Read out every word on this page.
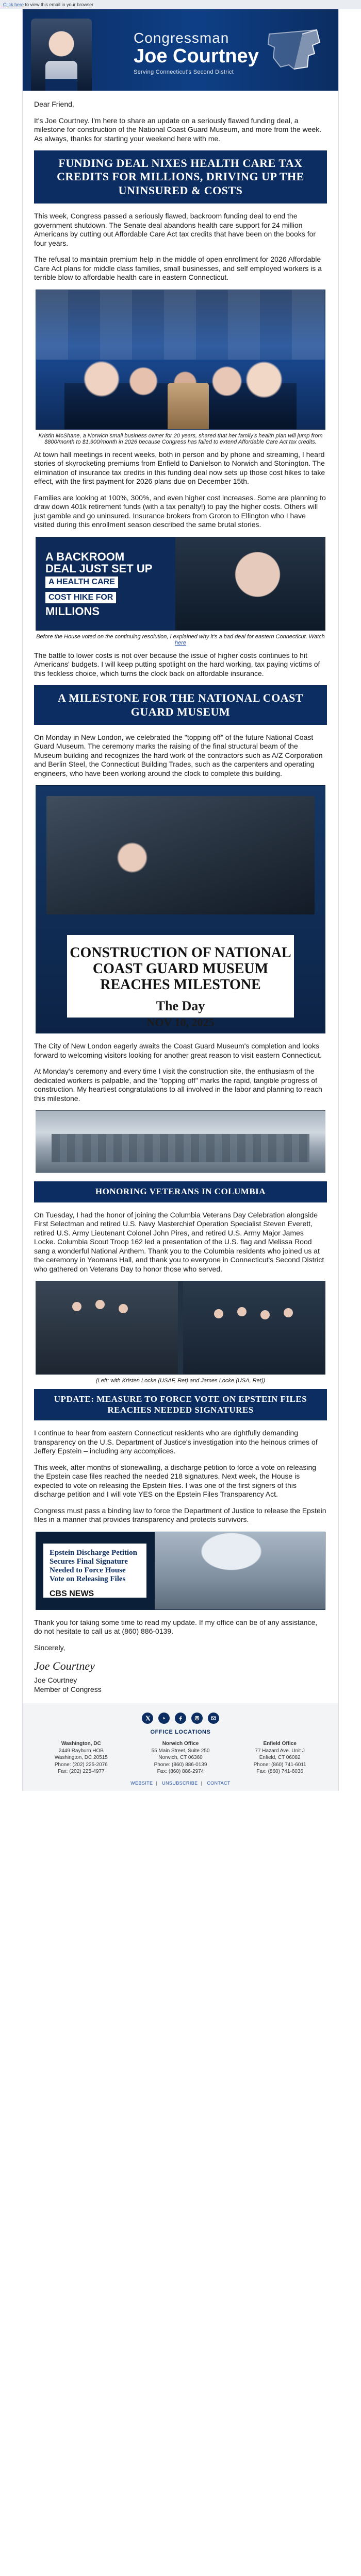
Click here to view this email in your browser
Congressman
Joe Courtney
Serving Connecticut's Second District
Dear Friend,
It's Joe Courtney. I'm here to share an update on a seriously flawed funding deal, a milestone for construction of the National Coast Guard Museum, and more from the week. As always, thanks for starting your weekend here with me.
FUNDING DEAL NIXES HEALTH CARE TAX CREDITS FOR MILLIONS, DRIVING UP THE UNINSURED & COSTS
This week, Congress passed a seriously flawed, backroom funding deal to end the government shutdown. The Senate deal abandons health care support for 24 million Americans by cutting out Affordable Care Act tax credits that have been on the books for four years.
The refusal to maintain premium help in the middle of open enrollment for 2026 Affordable Care Act plans for middle class families, small businesses, and self employed workers is a terrible blow to affordable health care in eastern Connecticut.
Kristin McShane, a Norwich small business owner for 20 years, shared that her family's health plan will jump from $800/month to $1,900/month in 2026 because Congress has failed to extend Affordable Care Act tax credits.
At town hall meetings in recent weeks, both in person and by phone and streaming, I heard stories of skyrocketing premiums from Enfield to Danielson to Norwich and Stonington. The elimination of insurance tax credits in this funding deal now sets up those cost hikes to take effect, with the first payment for 2026 plans due on December 15th.
Families are looking at 100%, 300%, and even higher cost increases. Some are planning to draw down 401k retirement funds (with a tax penalty!) to pay the higher costs. Others will just gamble and go uninsured. Insurance brokers from Groton to Ellington who I have visited during this enrollment season described the same brutal stories.
A BACKROOM
DEAL JUST SET UP
A HEALTH CARE
COST HIKE FOR
MILLIONS
Before the House voted on the continuing resolution, I explained why it's a bad deal for eastern Connecticut. Watch here
The battle to lower costs is not over because the issue of higher costs continues to hit Americans' budgets. I will keep putting spotlight on the hard working, tax paying victims of this feckless choice, which turns the clock back on affordable insurance.
A MILESTONE FOR THE NATIONAL COAST GUARD MUSEUM
On Monday in New London, we celebrated the "topping off" of the future National Coast Guard Museum. The ceremony marks the raising of the final structural beam of the Museum building and recognizes the hard work of the contractors such as A/Z Corporation and Berlin Steel, the Connecticut Building Trades, such as the carpenters and operating engineers, who have been working around the clock to complete this building.
CONSTRUCTION OF NATIONAL COAST GUARD MUSEUM REACHES MILESTONE
The Day
NOV 10, 2025
The City of New London eagerly awaits the Coast Guard Museum's completion and looks forward to welcoming visitors looking for another great reason to visit eastern Connecticut.
At Monday's ceremony and every time I visit the construction site, the enthusiasm of the dedicated workers is palpable, and the "topping off" marks the rapid, tangible progress of construction. My heartiest congratulations to all involved in the labor and planning to reach this milestone.
HONORING VETERANS IN COLUMBIA
On Tuesday, I had the honor of joining the Columbia Veterans Day Celebration alongside First Selectman and retired U.S. Navy Masterchief Operation Specialist Steven Everett, retired U.S. Army Lieutenant Colonel John Pires, and retired U.S. Army Major James Locke. Columbia Scout Troop 162 led a presentation of the U.S. flag and Melissa Rood sang a wonderful National Anthem. Thank you to the Columbia residents who joined us at the ceremony in Yeomans Hall, and thank you to everyone in Connecticut's Second District who gathered on Veterans Day to honor those who served.
(Left: with Kristen Locke (USAF, Ret) and James Locke (USA, Ret))
UPDATE: MEASURE TO FORCE VOTE ON EPSTEIN FILES REACHES NEEDED SIGNATURES
I continue to hear from eastern Connecticut residents who are rightfully demanding transparency on the U.S. Department of Justice's investigation into the heinous crimes of Jeffery Epstein – including any accomplices.
This week, after months of stonewalling, a discharge petition to force a vote on releasing the Epstein case files reached the needed 218 signatures. Next week, the House is expected to vote on releasing the Epstein files. I was one of the first signers of this discharge petition and I will vote YES on the Epstein Files Transparency Act.
Congress must pass a binding law to force the Department of Justice to release the Epstein files in a manner that provides transparency and protects survivors.
Epstein Discharge Petition Secures Final Signature Needed to Force House Vote on Releasing Files
CBS NEWS
Thank you for taking some time to read my update. If my office can be of any assistance, do not hesitate to call us at (860) 886-0139.
Sincerely,
Joe Courtney
Joe Courtney
Member of Congress
OFFICE LOCATIONS
Washington, DC
2449 Rayburn HOB
Washington, DC 20515
Phone: (202) 225-2076
Fax: (202) 225-4977
Norwich Office
55 Main Street, Suite 250
Norwich, CT 06360
Phone: (860) 886-0139
Fax: (860) 886-2974
Enfield Office
77 Hazard Ave. Unit J
Enfield, CT 06082
Phone: (860) 741-6011
Fax: (860) 741-6036
WEBSITE | UNSUBSCRIBE | CONTACT
